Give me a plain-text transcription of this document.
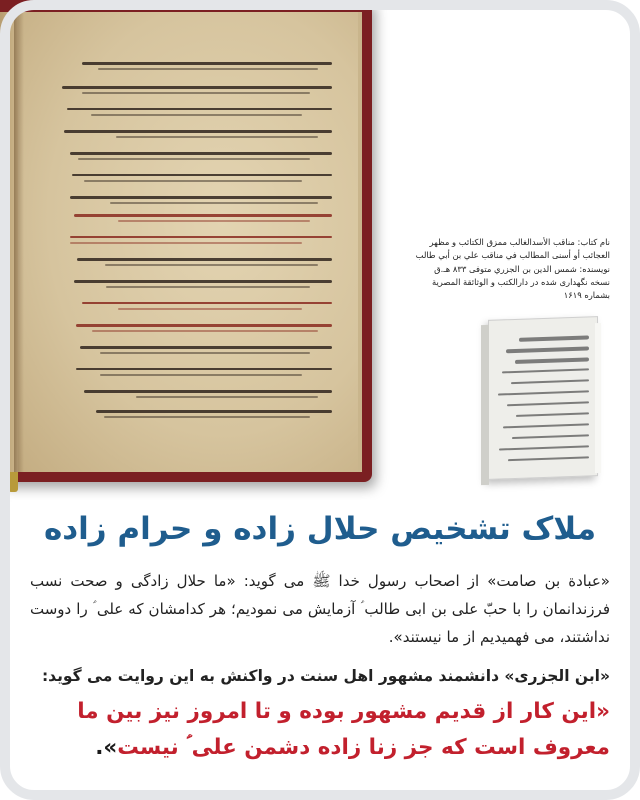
نام کتاب: مناقب الأسدالغالب ممزق الکتائب و مظهر
العجائب أو أسنى المطالب في مناقب علي بن أبي طالب
نویسنده: شمس الدین بن الجزري متوفی ۸۳۳ هـ.ق
نسخه نگهداری شده در دارالکتب و الوثائقة المصریة
بشماره ۱۶۱۹
ملاک تشخیص حلال زاده و حرام زاده

«عبادة بن صامت» از اصحاب رسول خدا ﷺ می گوید: «ما حلال زادگی و صحت نسب فرزندانمان را با حبّ علی بن ابی طالب ؑ آزمایش می نمودیم؛ هر کدامشان که علی ؑ را دوست نداشتند، می فهمیدیم از ما نیستند».

«ابن الجزری» دانشمند مشهور اهل سنت در واکنش به این روایت می گوید:

«این کار از قدیم مشهور بوده و تا امروز نیز بین ما معروف است که جز زنا زاده دشمن علی ؑ نیست».
